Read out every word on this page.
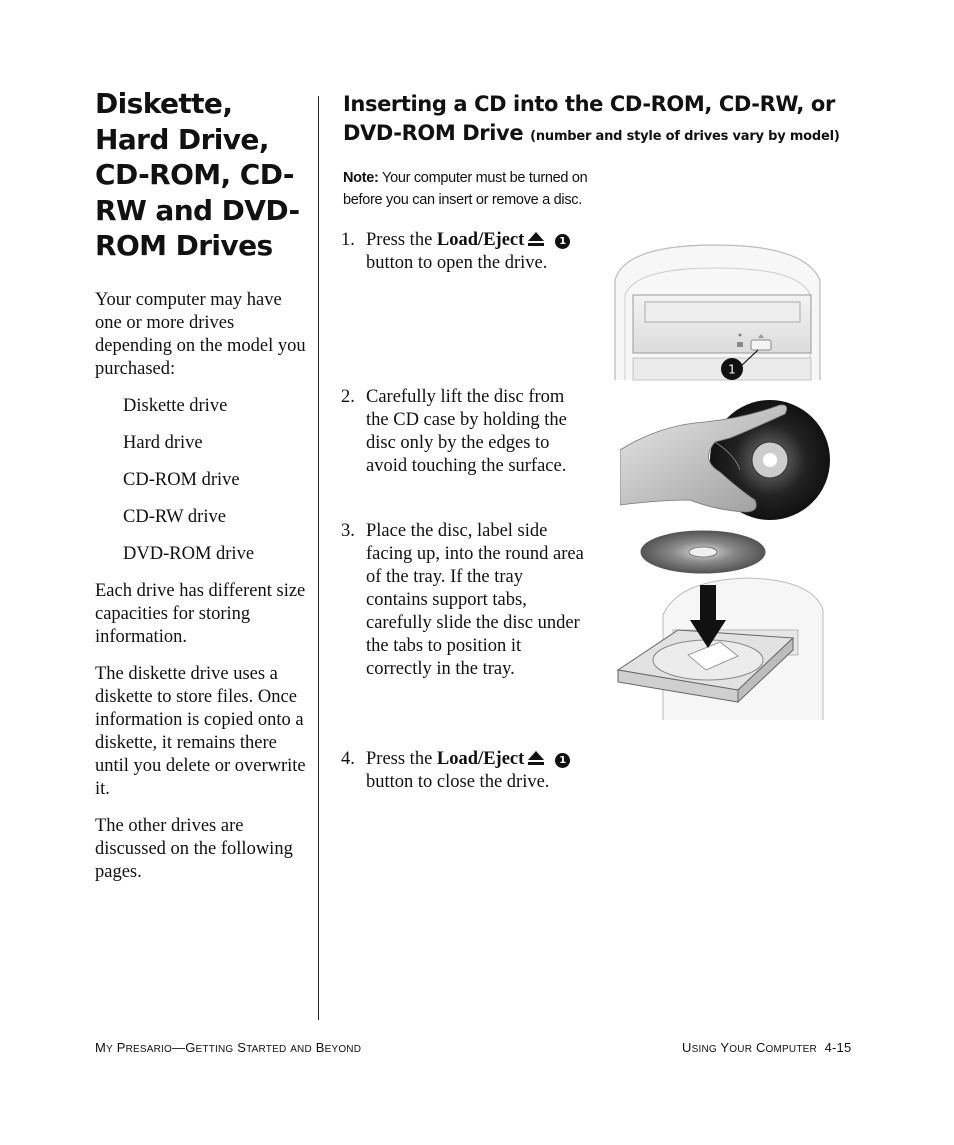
Diskette, Hard Drive, CD-ROM, CD-RW and DVD-ROM Drives

Your computer may have one or more drives depending on the model you purchased:

Diskette drive
Hard drive
CD-ROM drive
CD-RW drive
DVD-ROM drive

Each drive has different size capacities for storing information.

The diskette drive uses a diskette to store files. Once information is copied onto a diskette, it remains there until you delete or overwrite it.

The other drives are discussed on the following pages.

Inserting a CD into the CD-ROM, CD-RW, or DVD-ROM Drive (number and style of drives vary by model)
Note: Your computer must be turned on before you can insert or remove a disc.
1. Press the Load/Eject	1
button to open the drive.
2. Carefully lift the disc from the CD case by holding the disc only by the edges to avoid touching the surface.
3. Place the disc, label side facing up, into the round area of the tray. If the tray contains support tabs, carefully slide the disc under the tabs to position it correctly in the tray.
4. Press the Load/Eject	1
button to close the drive.
1
MY PRESARIO—GETTING STARTED AND BEYOND	USING YOUR COMPUTER 4-15
